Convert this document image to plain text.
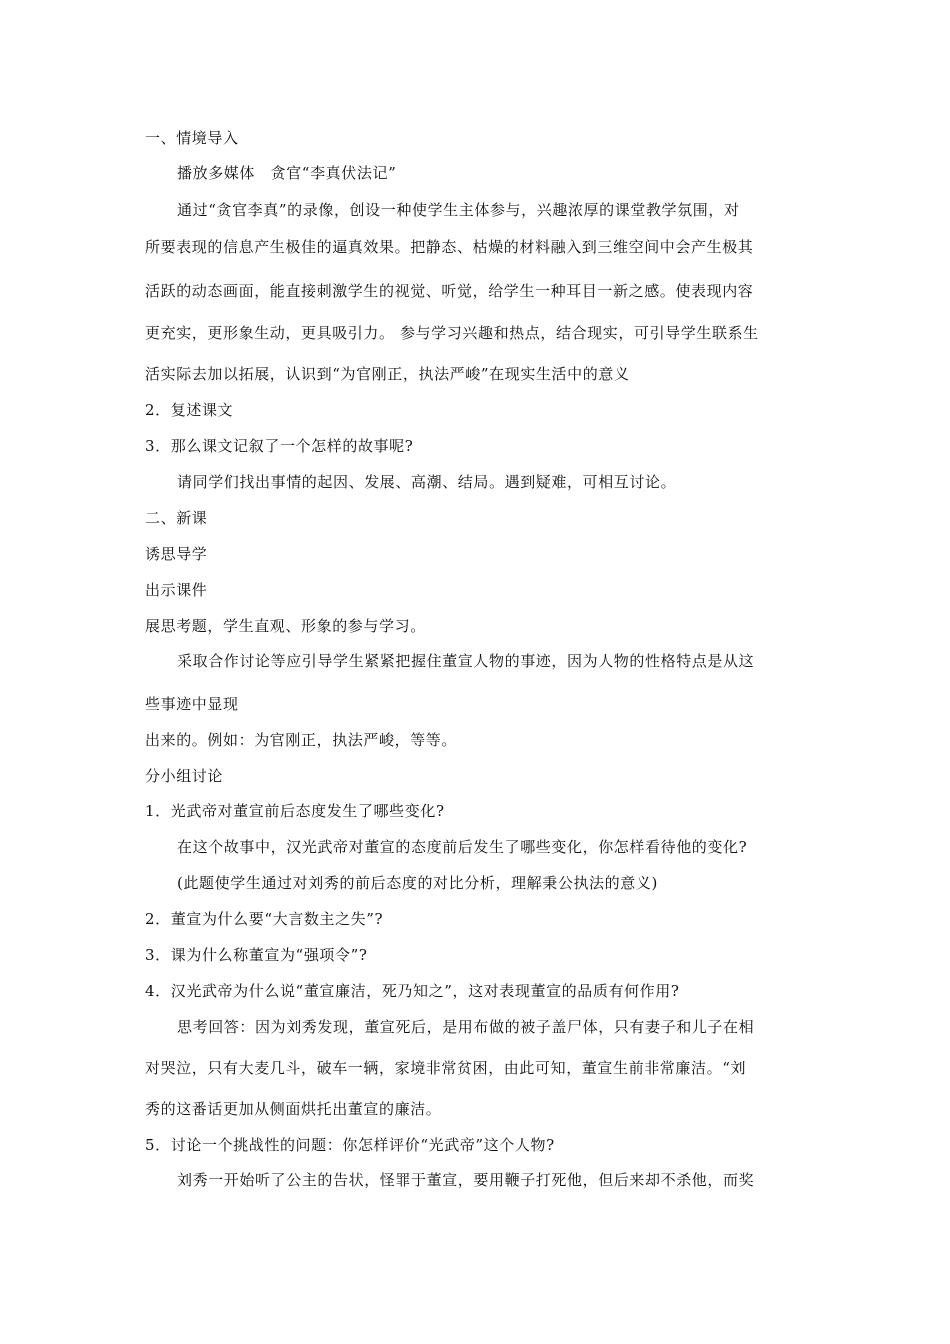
一、情境导入
播放多媒体　贪官“李真伏法记”
通过“贪官李真”的录像，创设一种使学生主体参与，兴趣浓厚的课堂教学氛围，对
所要表现的信息产生极佳的逼真效果。把静态、枯燥的材料融入到三维空间中会产生极其
活跃的动态画面，能直接刺激学生的视觉、听觉，给学生一种耳目一新之感。使表现内容
更充实，更形象生动，更具吸引力。 参与学习兴趣和热点，结合现实，可引导学生联系生
活实际去加以拓展，认识到“为官刚正，执法严峻”在现实生活中的意义
2．复述课文
3．那么课文记叙了一个怎样的故事呢?
请同学们找出事情的起因、发展、高潮、结局。遇到疑难，可相互讨论。
二、新课
诱思导学
出示课件
展思考题，学生直观、形象的参与学习。
采取合作讨论等应引导学生紧紧把握住董宣人物的事迹，因为人物的性格特点是从这
些事迹中显现
出来的。例如：为官刚正，执法严峻，等等。
分小组讨论
1．光武帝对董宣前后态度发生了哪些变化?
在这个故事中，汉光武帝对董宣的态度前后发生了哪些变化，你怎样看待他的变化?
(此题使学生通过对刘秀的前后态度的对比分析，理解秉公执法的意义)
2．董宣为什么要“大言数主之失”?
3．课为什么称董宣为“强项令”?
4．汉光武帝为什么说“董宣廉洁，死乃知之”，这对表现董宣的品质有何作用?
思考回答：因为刘秀发现，董宣死后，是用布做的被子盖尸体，只有妻子和儿子在相
对哭泣，只有大麦几斗，破车一辆，家境非常贫困，由此可知，董宣生前非常廉洁。“刘
秀的这番话更加从侧面烘托出董宣的廉洁。
5．讨论一个挑战性的问题：你怎样评价“光武帝”这个人物?
刘秀一开始听了公主的告状，怪罪于董宣，要用鞭子打死他，但后来却不杀他，而奖
